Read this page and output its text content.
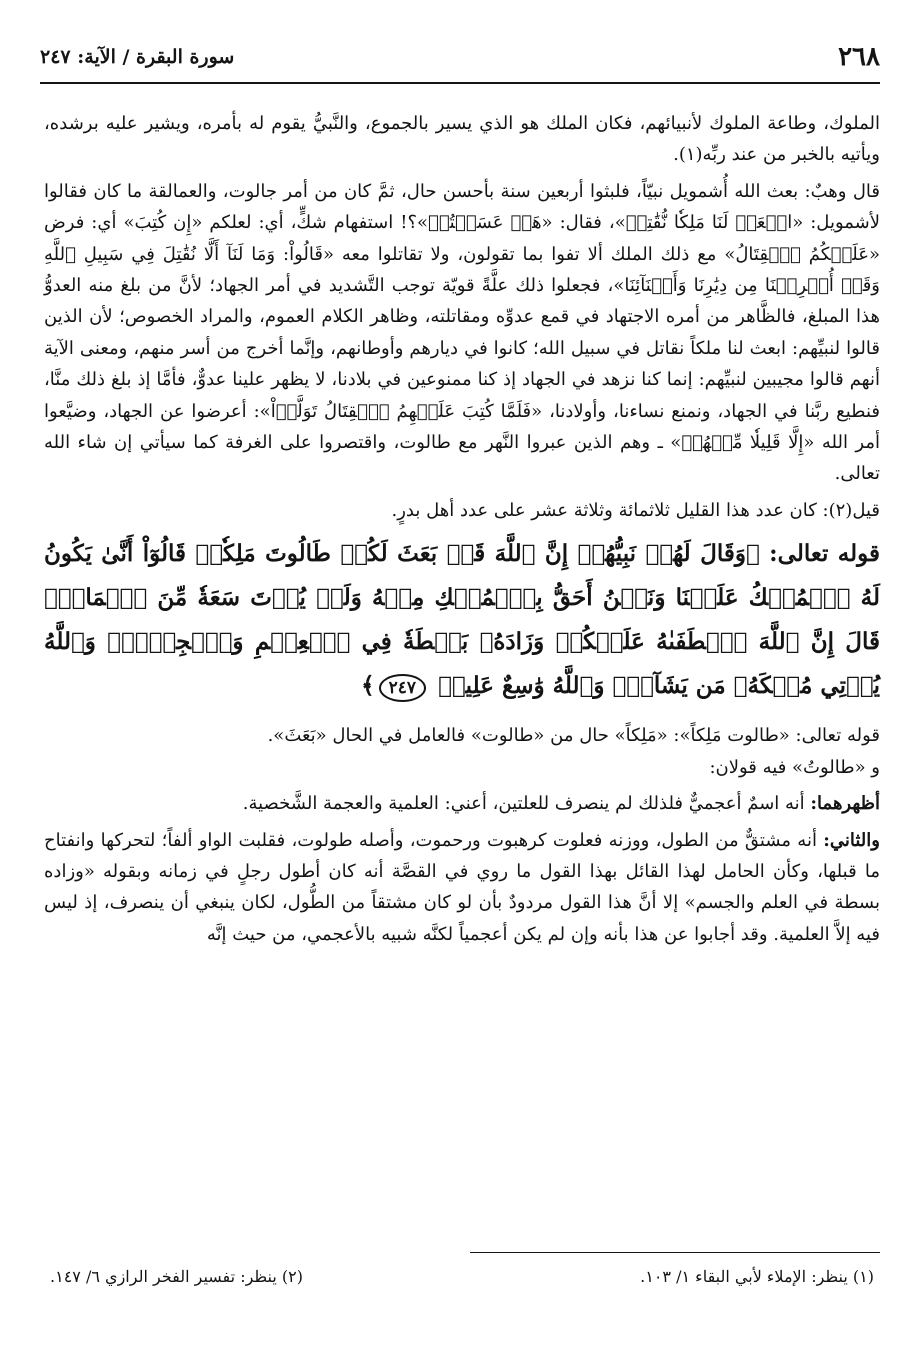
٢٦٨
سورة البقرة / الآية: ٢٤٧

الملوك، وطاعة الملوك لأنبيائهم، فكان الملك هو الذي يسير بالجموع، والنَّبيُّ يقوم له بأمره، ويشير عليه برشده، ويأتيه بالخبر من عند ربِّه(١).

قال وهبٌ: بعث الله أُشمويل نبيّاً، فلبثوا أربعين سنة بأحسن حال، ثمَّ كان من أمر جالوت، والعمالقة ما كان فقالوا لأشمويل: «ابۡعَثۡ لَنَا مَلِكٗا نُّقَٰتِلۡ»، فقال: «هَلۡ عَسَيۡتُمۡ»؟! استفهام شكٍّ، أي: لعلكم «إِن كُتِبَ» أي: فرض «عَلَيۡكُمُ ٱلۡقِتَالُ» مع ذلك الملك ألا تفوا بما تقولون، ولا تقاتلوا معه «قَالُواْ: وَمَا لَنَآ أَلَّا نُقَٰتِلَ فِي سَبِيلِ ٱللَّهِ وَقَدۡ أُخۡرِجۡنَا مِن دِيَٰرِنَا وَأَبۡنَآئِنَا»، فجعلوا ذلك علَّةً قويّة توجب التَّشديد في أمر الجهاد؛ لأنَّ من بلغ منه العدوُّ هذا المبلغ، فالظَّاهر من أمره الاجتهاد في قمع عدوِّه ومقاتلته، وظاهر الكلام العموم، والمراد الخصوص؛ لأن الذين قالوا لنبيِّهم: ابعث لنا ملكاً نقاتل في سبيل الله؛ كانوا في ديارهم وأوطانهم، وإنَّما أخرج من أسر منهم، ومعنى الآية أنهم قالوا مجيبين لنبيِّهم: إنما كنا نزهد في الجهاد إذ كنا ممنوعين في بلادنا، لا يظهر علينا عدوٌّ، فأمَّا إذ بلغ ذلك منَّا، فنطيع ربَّنا في الجهاد، ونمنع نساءنا، وأولادنا، «فَلَمَّا كُتِبَ عَلَيۡهِمُ ٱلۡقِتَالُ تَوَلَّوۡاْ»: أعرضوا عن الجهاد، وضيَّعوا أمر الله «إِلَّا قَلِيلٗا مِّنۡهُمۡ» ـ وهم الذين عبروا النَّهر مع طالوت، واقتصروا على الغرفة كما سيأتي إن شاء الله تعالى.

قيل(٢): كان عدد هذا القليل ثلاثمائة وثلاثة عشر على عدد أهل بدرٍ.

قوله تعالى: ﴿وَقَالَ لَهُمۡ نَبِيُّهُمۡ إِنَّ ٱللَّهَ قَدۡ بَعَثَ لَكُمۡ طَالُوتَ مَلِكٗاۚ قَالُوٓاْ أَنَّىٰ يَكُونُ لَهُ ٱلۡمُلۡكُ عَلَيۡنَا وَنَحۡنُ أَحَقُّ بِٱلۡمُلۡكِ مِنۡهُ وَلَمۡ يُؤۡتَ سَعَةٗ مِّنَ ٱلۡمَالِۚ قَالَ إِنَّ ٱللَّهَ ٱصۡطَفَىٰهُ عَلَيۡكُمۡ وَزَادَهُۥ بَسۡطَةٗ فِي ٱلۡعِلۡمِ وَٱلۡجِسۡمِۖ وَٱللَّهُ يُؤۡتِي مُلۡكَهُۥ مَن يَشَآءُۚ وَٱللَّهُ وَٰسِعٌ عَلِيمٞ ٢٤٧﴾

قوله تعالى: «طالوت مَلِكاً»: «مَلِكاً» حال من «طالوت» فالعامل في الحال «بَعَثَ».
و «طالوتُ» فيه قولان:

أظهرهما: أنه اسمٌ أعجميٌّ فلذلك لم ينصرف للعلتين، أعني: العلمية والعجمة الشَّخصية.

والثاني: أنه مشتقٌّ من الطول، ووزنه فعلوت كرهبوت ورحموت، وأصله طولوت، فقلبت الواو ألفاً؛ لتحركها وانفتاح ما قبلها، وكأن الحامل لهذا القائل بهذا القول ما روي في القصَّة أنه كان أطول رجلٍ في زمانه وبقوله «وزاده بسطة في العلم والجسم» إلا أنَّ هذا القول مردودٌ بأن لو كان مشتقاً من الطُّول، لكان ينبغي أن ينصرف، إذ ليس فيه إلاَّ العلمية. وقد أجابوا عن هذا بأنه وإن لم يكن أعجمياً لكنَّه شبيه بالأعجمي، من حيث إنَّه

(١) ينظر: الإملاء لأبي البقاء ١/ ١٠٣.
(٢) ينظر: تفسير الفخر الرازي ٦/ ١٤٧.
